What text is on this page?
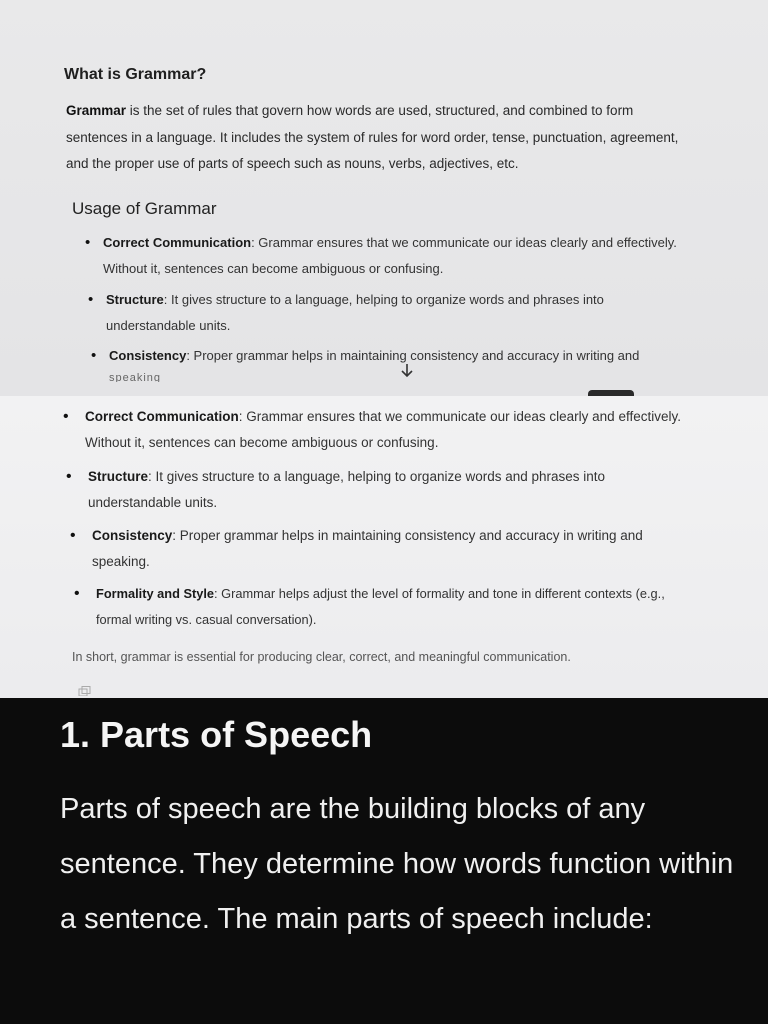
What is Grammar?
Grammar is the set of rules that govern how words are used, structured, and combined to form
sentences in a language. It includes the system of rules for word order, tense, punctuation, agreement,
and the proper use of parts of speech such as nouns, verbs, adjectives, etc.
Usage of Grammar
• Correct Communication: Grammar ensures that we communicate our ideas clearly and effectively.
Without it, sentences can become ambiguous or confusing.
• Structure: It gives structure to a language, helping to organize words and phrases into
understandable units.
• Consistency: Proper grammar helps in maintaining consistency and accuracy in writing and
speaking
• Correct Communication: Grammar ensures that we communicate our ideas clearly and effectively.
Without it, sentences can become ambiguous or confusing.
• Structure: It gives structure to a language, helping to organize words and phrases into
understandable units.
• Consistency: Proper grammar helps in maintaining consistency and accuracy in writing and
speaking.
• Formality and Style: Grammar helps adjust the level of formality and tone in different contexts (e.g.,
formal writing vs. casual conversation).
In short, grammar is essential for producing clear, correct, and meaningful communication.
1. Parts of Speech
Parts of speech are the building blocks of any sentence. They determine how words function within a sentence. The main parts of speech include:
